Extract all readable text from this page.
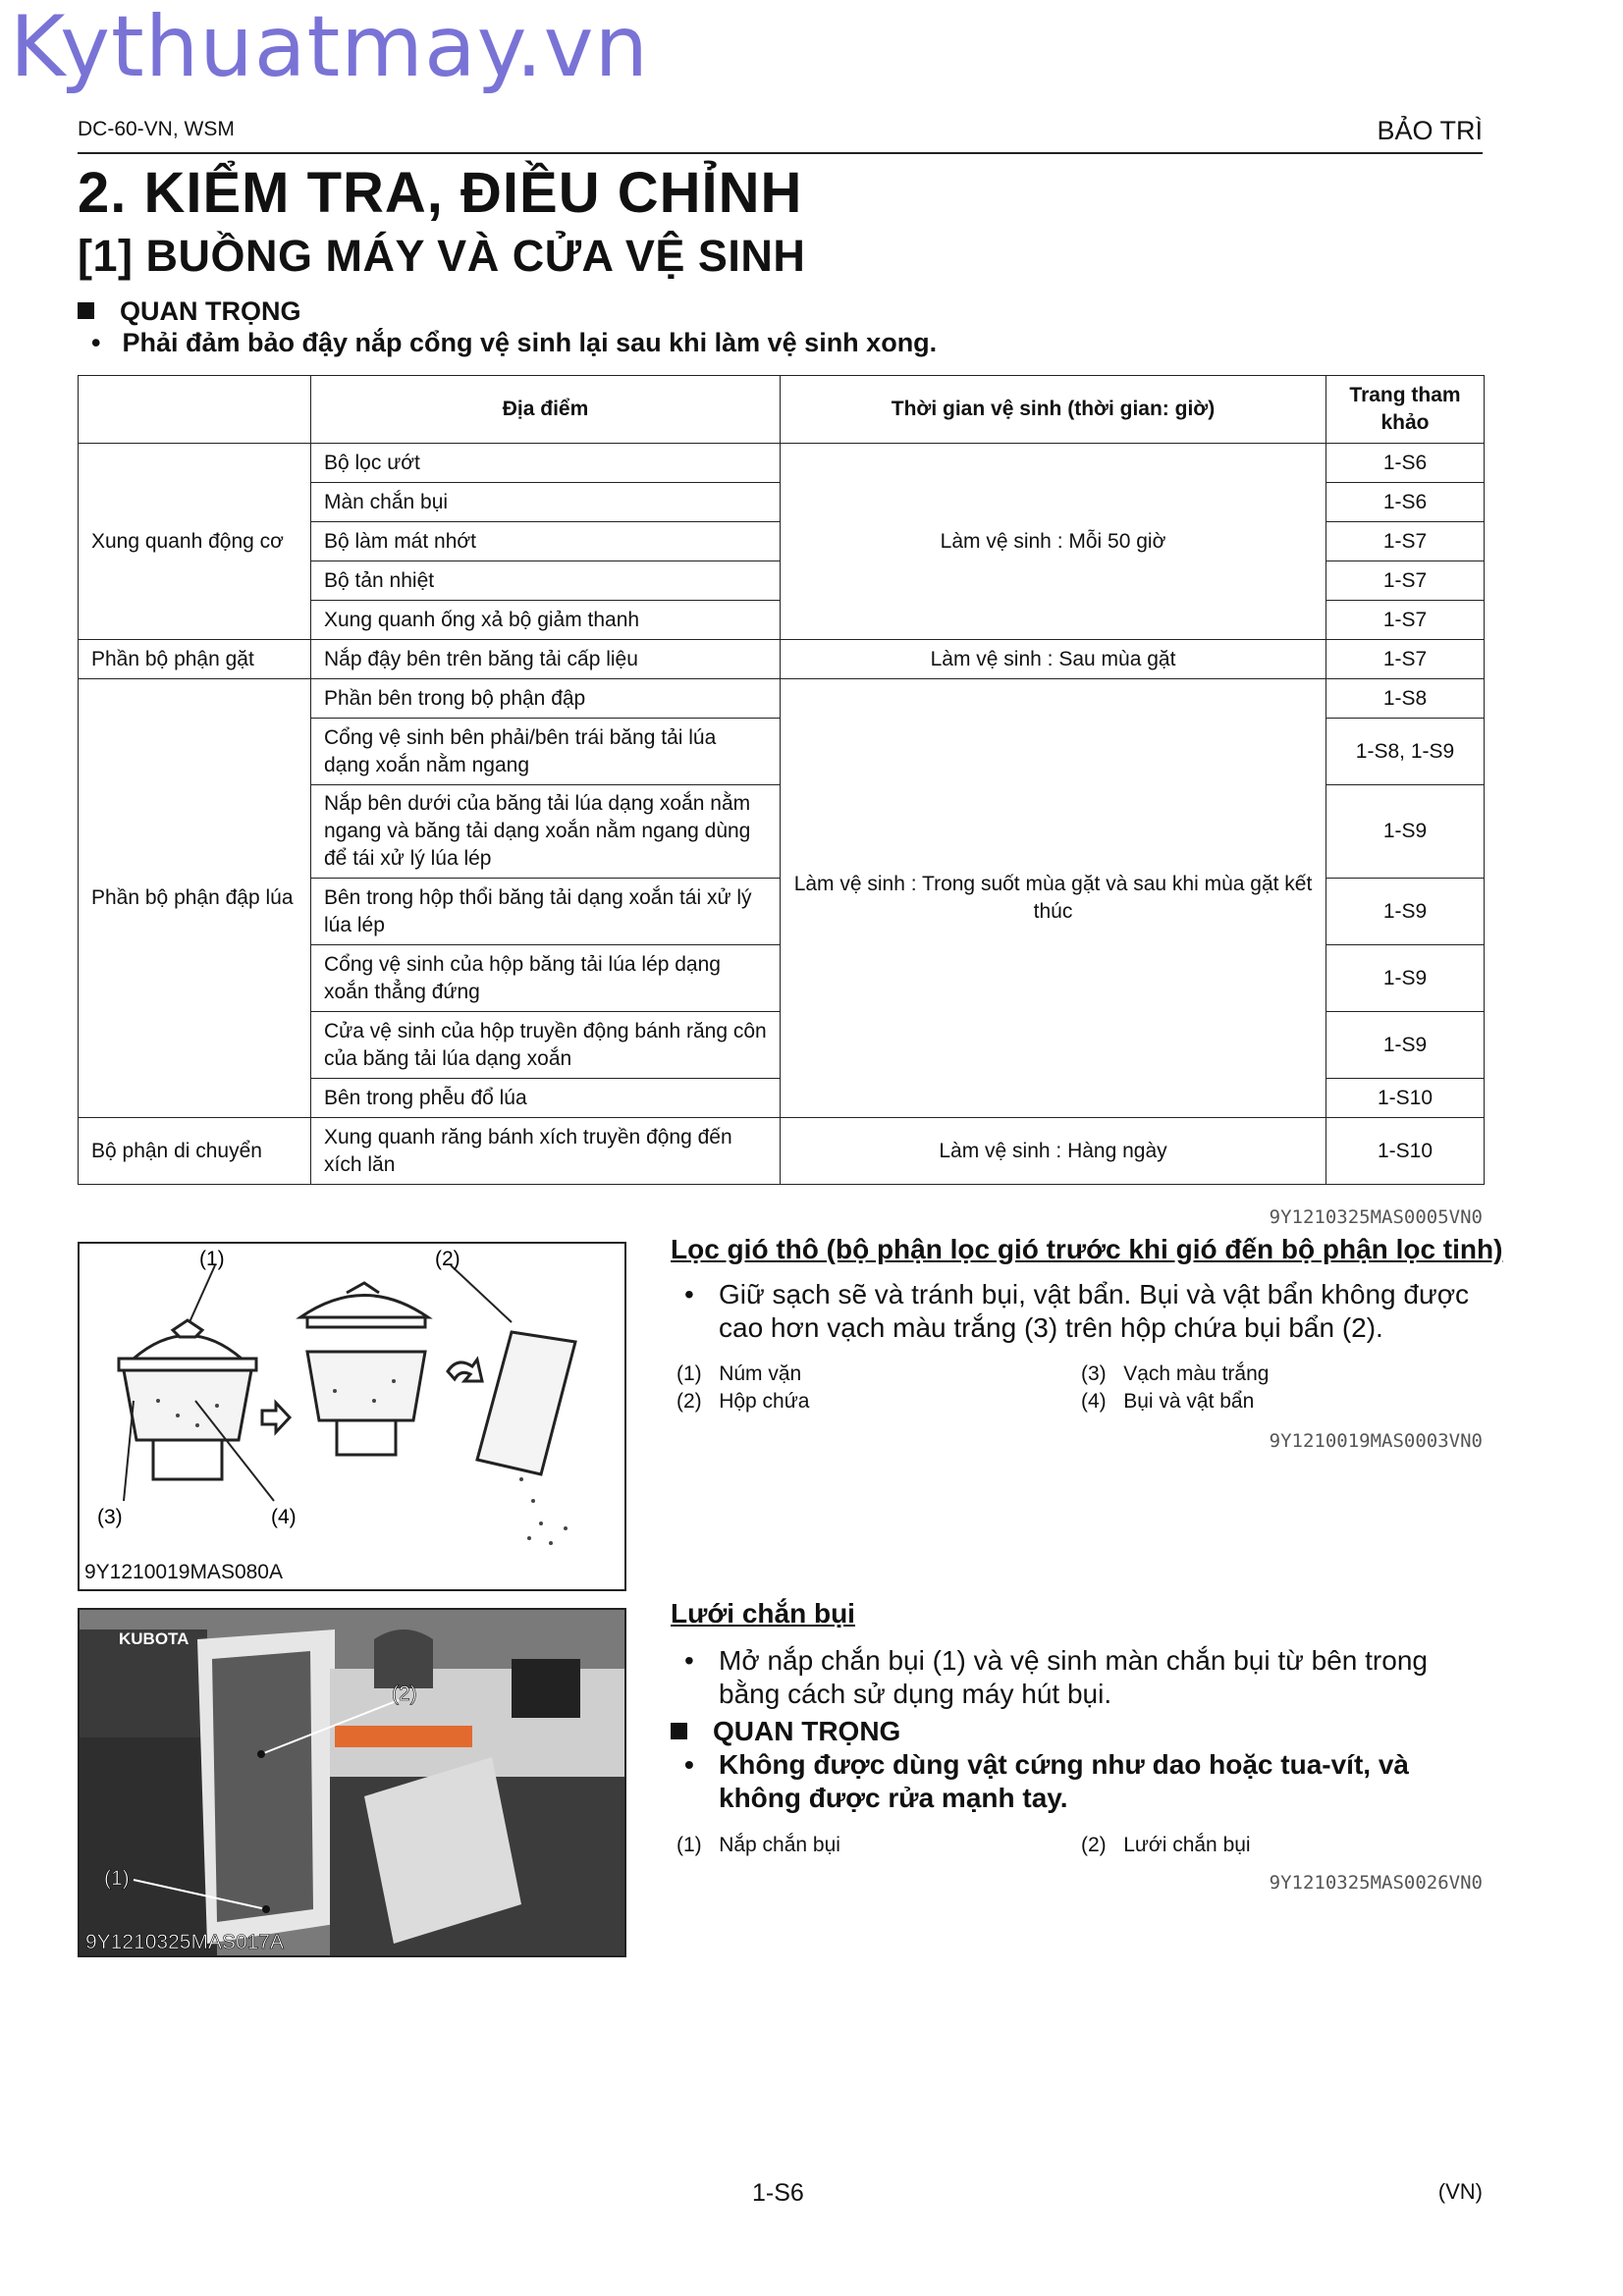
Kythuatmay.vn
DC-60-VN, WSM	BẢO TRÌ
2. KIỂM TRA, ĐIỀU CHỈNH
[1] BUỒNG MÁY VÀ CỬA VỆ SINH
QUAN TRỌNG
• Phải đảm bảo đậy nắp cổng vệ sinh lại sau khi làm vệ sinh xong.
	Địa điểm	Thời gian vệ sinh (thời gian: giờ)	Trang tham khảo
Xung quanh động cơ	Bộ lọc ướt	Làm vệ sinh : Mỗi 50 giờ	1-S6
	Màn chắn bụi		1-S6
	Bộ làm mát nhớt		1-S7
	Bộ tản nhiệt		1-S7
	Xung quanh ống xả bộ giảm thanh		1-S7
Phần bộ phận gặt	Nắp đậy bên trên băng tải cấp liệu	Làm vệ sinh : Sau mùa gặt	1-S7
Phần bộ phận đập lúa	Phần bên trong bộ phận đập	Làm vệ sinh : Trong suốt mùa gặt và sau khi mùa gặt kết thúc	1-S8
	Cổng vệ sinh bên phải/bên trái băng tải lúa dạng xoắn nằm ngang		1-S8, 1-S9
	Nắp bên dưới của băng tải lúa dạng xoắn nằm ngang và băng tải dạng xoắn nằm ngang dùng để tái xử lý lúa lép		1-S9
	Bên trong hộp thổi băng tải dạng xoắn tái xử lý lúa lép		1-S9
	Cổng vệ sinh của hộp băng tải lúa lép dạng xoắn thẳng đứng		1-S9
	Cửa vệ sinh của hộp truyền động bánh răng côn của băng tải lúa dạng xoắn		1-S9
	Bên trong phễu đổ lúa		1-S10
Bộ phận di chuyển	Xung quanh răng bánh xích truyền động đến xích lăn	Làm vệ sinh : Hàng ngày	1-S10
9Y1210325MAS0005VN0
(1)	(2)
(3)	(4)
9Y1210019MAS080A
Lọc gió thô (bộ phận lọc gió trước khi gió đến bộ phận lọc tinh)
• Giữ sạch sẽ và tránh bụi, vật bẩn. Bụi và vật bẩn không được cao hơn vạch màu trắng (3) trên hộp chứa bụi bẩn (2).
(1) Núm vặn
(2) Hộp chứa
(3) Vạch màu trắng
(4) Bụi và vật bẩn
9Y1210019MAS0003VN0
KUBOTA
(2)
(1)
9Y1210325MAS017A
Lưới chắn bụi
• Mở nắp chắn bụi (1) và vệ sinh màn chắn bụi từ bên trong bằng cách sử dụng máy hút bụi.
QUAN TRỌNG
• Không được dùng vật cứng như dao hoặc tua-vít, và không được rửa mạnh tay.
(1) Nắp chắn bụi	(2) Lưới chắn bụi
9Y1210325MAS0026VN0
1-S6	(VN)
